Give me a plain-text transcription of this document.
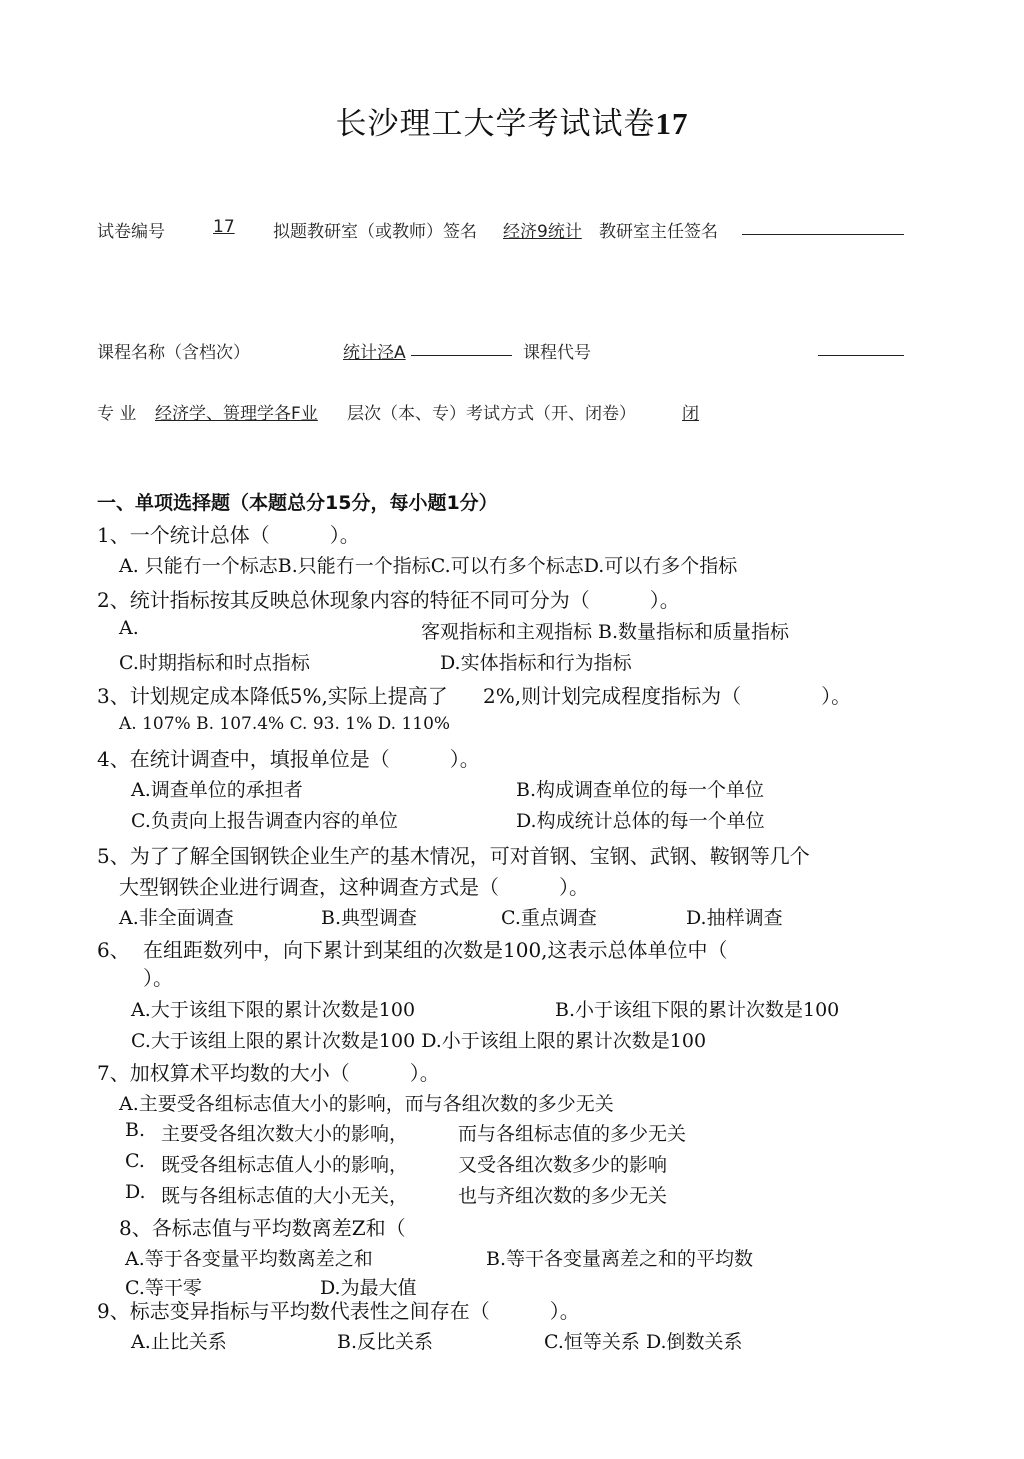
长沙理工大学考试试卷17
试卷编号	17 拟题教研室（或教师）签名 经济9统计 教研室主任签名
课程名称（含档次）	统计泾A	课程代号
专 业 经济学、篑理学各F业 层次（本、专）考试方式（开、闭卷）	闭
一、单项选择题（本题总分15分，每小题1分）
1、一个统计总体（　　　）。
A. 只能冇一个标志B.只能冇一个指标C.可以冇多个标志D.可以冇多个指标
2、统计指标按其反映总休现象内容的特征不同可分为（　　　）。
A.	客观指标和主观指标 B.数量指标和质量指标
C.时期指标和时点指标	D.实体指标和行为指标
3、计划规定成本降低5%,实际上提高了 2%,则计划完成程度指标为（　　　　）。
A. 107% B. 107.4% C. 93. 1% D. 110%
4、在统计调查中，填报单位是（　　　）。
A.调查单位的承担者	B.构成调查单位的每一个单位
C.负责向上报告调查内容的单位	D.构成统计总体的每一个单位
5、为了了解全国钢铁企业生产的基木情况，可对首钢、宝钢、武钢、鞍钢等几个
大型钢铁企业进行调查，这种调查方式是（　　　）。
A.非全面调查	B.典型调查	C.重点调查	D.抽样调查
6、 在组距数列中，向下累计到某组的次数是100,这表示总体单位中（
）。
A.大于该组下限的累计次数是100	B.小于该组下限的累计次数是100
C.大于该组上限的累计次数是100 D.小于该组上限的累计次数是100
7、加权算术平均数的大小（　　　）。
A.主要受各组标志值大小的影响，而与各组次数的多少无关
B. 主要受各组次数大小的影响，	而与各组标志值的多少无关
C. 既受各组标志值人小的影响，	又受各组次数多少的影响
D. 既与各组标志值的大小无关，	也与齐组次数的多少无关
8、各标志值与平均数离差Z和（
A.等于各变量平均数离差之和	B.等干各变量离差之和的平均数
C.等干零	D.为最大值
9、标志变异指标与平均数代表性之间存在（　　　）。
A.止比关系	B.反比关系	C.恒等关系 D.倒数关系
